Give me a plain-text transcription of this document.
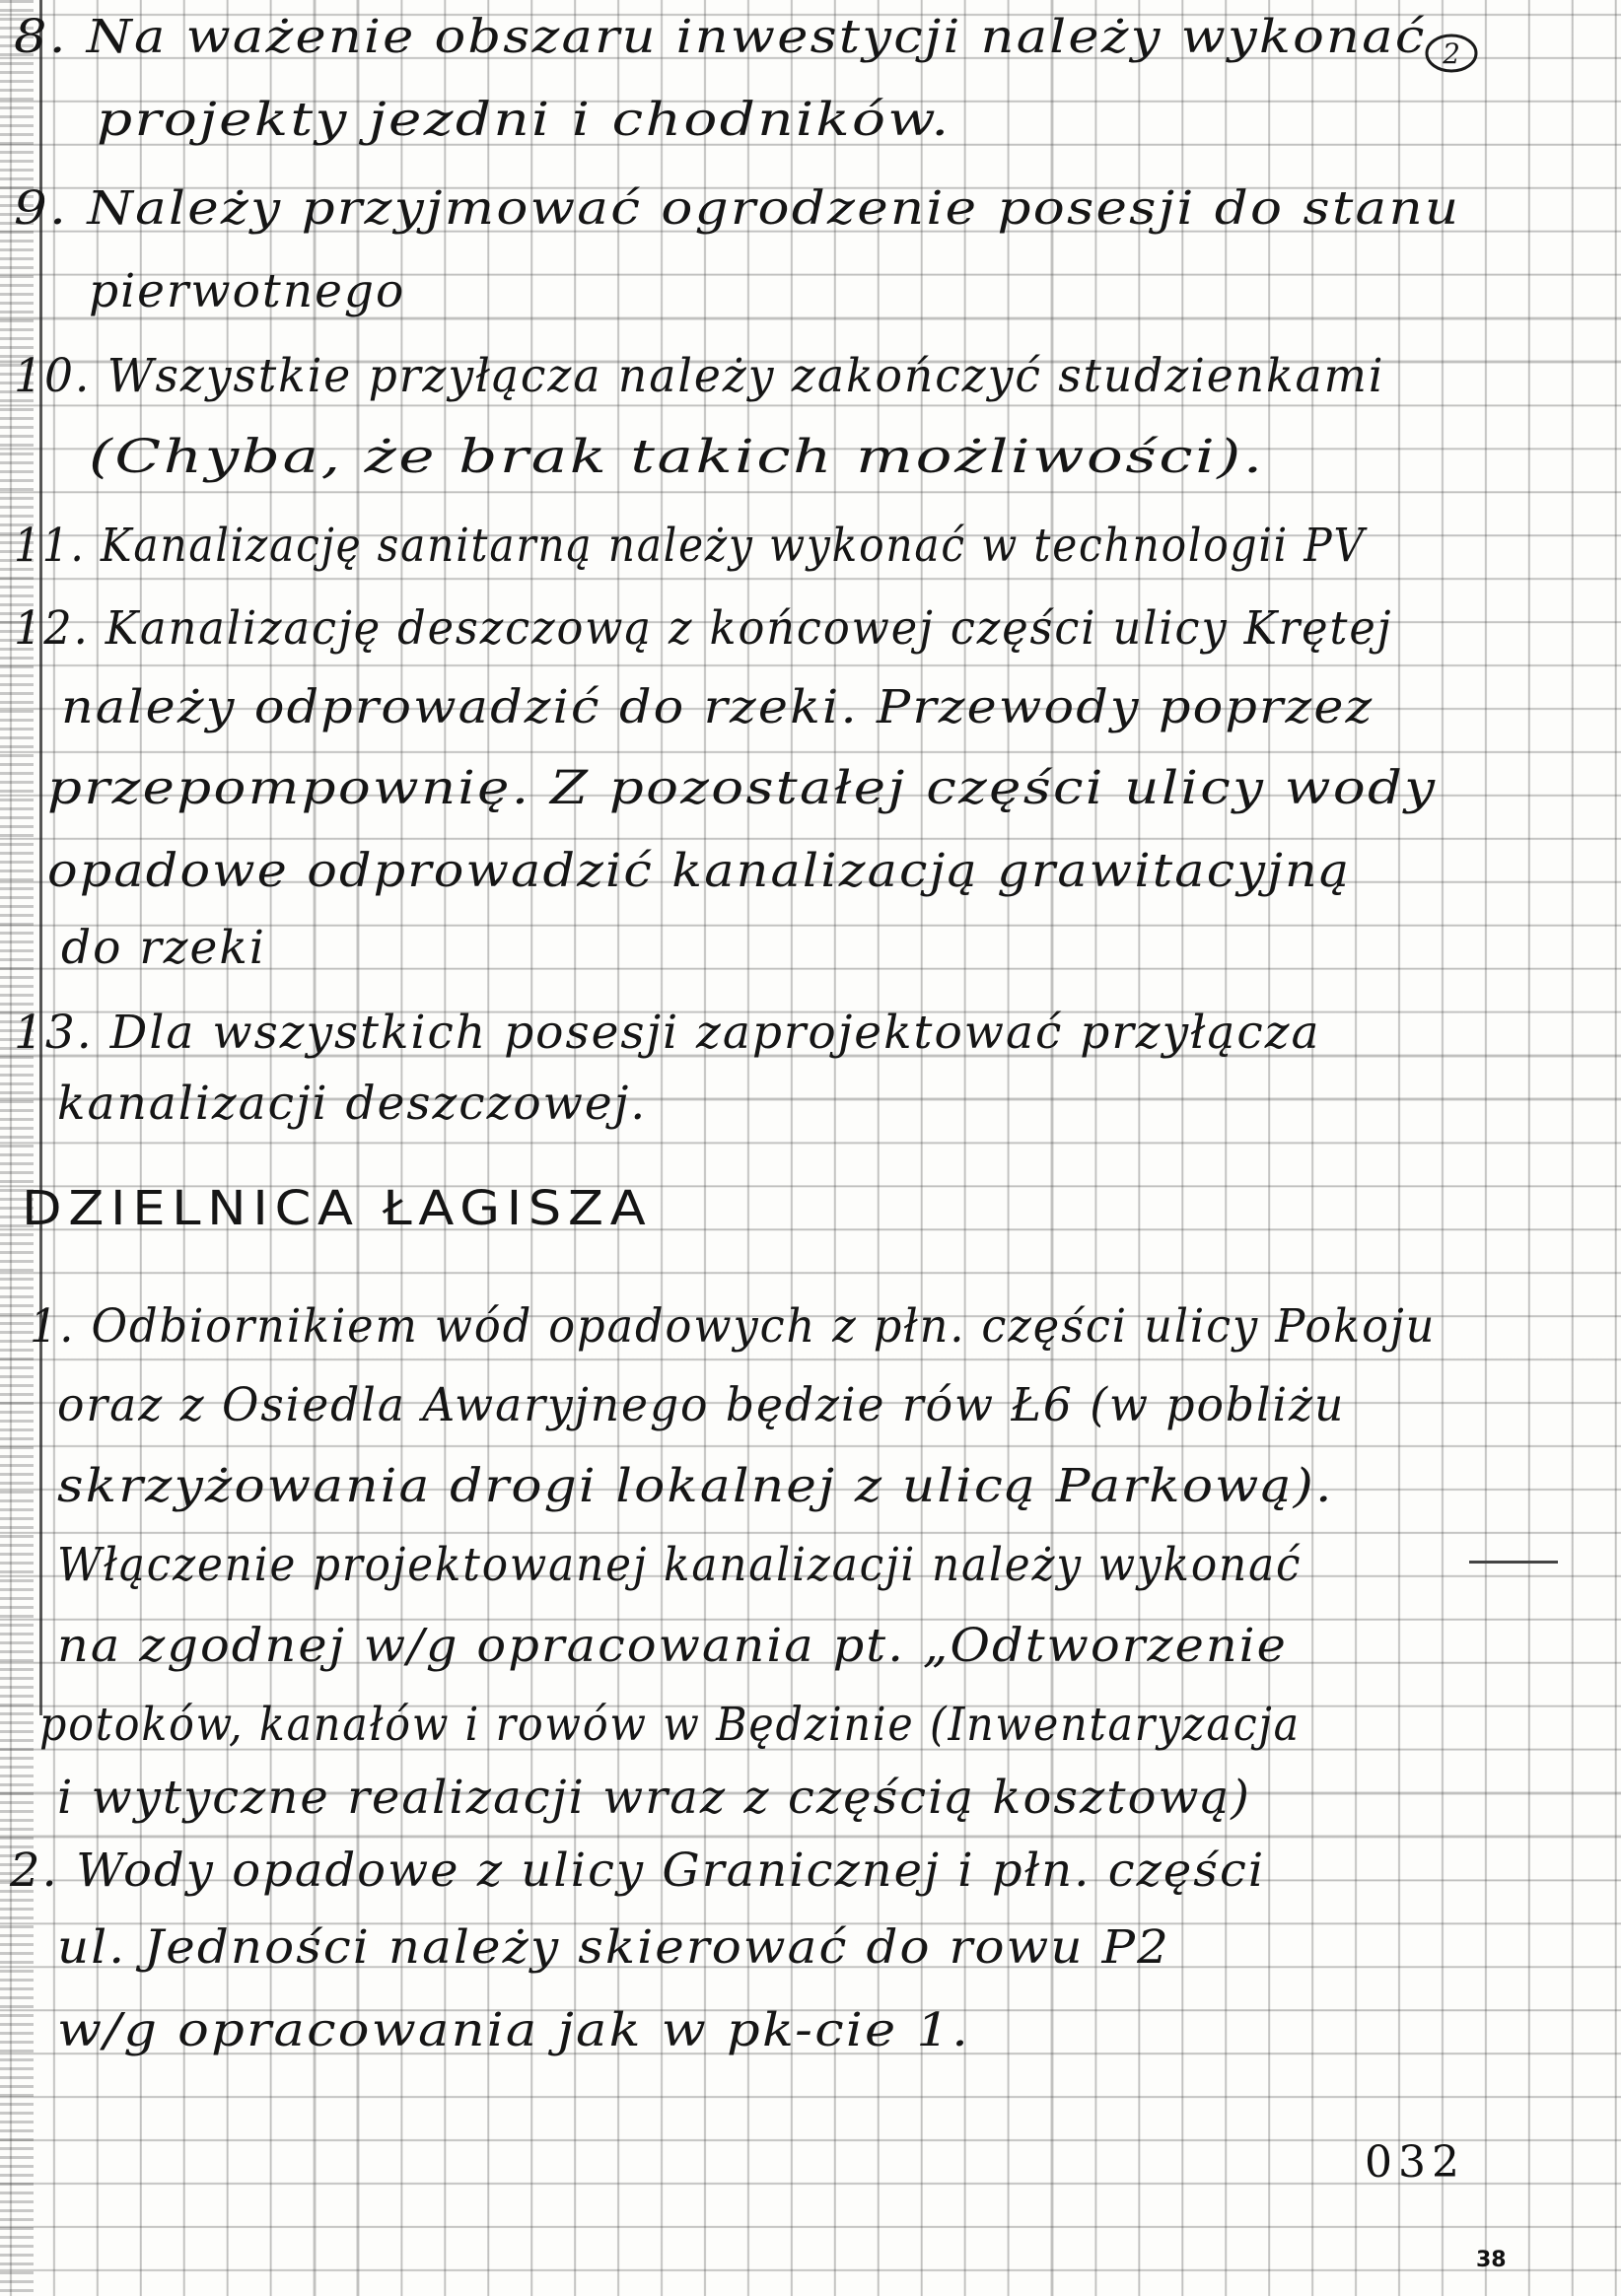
2

8. Na ważenie obszaru inwestycji należy wykonać

projekty jezdni i chodników.

9. Należy przyjmować ogrodzenie posesji do stanu

pierwotnego

10. Wszystkie przyłącza należy zakończyć studzienkami

(Chyba, że brak takich możliwości).

11. Kanalizację sanitarną należy wykonać w technologii PV

12. Kanalizację deszczową z końcowej części ulicy Krętej

należy odprowadzić do rzeki. Przewody poprzez

przepompownię. Z pozostałej części ulicy wody

opadowe odprowadzić kanalizacją grawitacyjną

do rzeki

13. Dla wszystkich posesji zaprojektować przyłącza

kanalizacji deszczowej.

DZIELNICA ŁAGISZA

1. Odbiornikiem wód opadowych z płn. części ulicy Pokoju

oraz z Osiedla Awaryjnego będzie rów Ł6 (w pobliżu

skrzyżowania drogi lokalnej z ulicą Parkową).

Włączenie projektowanej kanalizacji należy wykonać

na zgodnej w/g opracowania pt. „Odtworzenie

potoków, kanałów i rowów w Będzinie (Inwentaryzacja

i wytyczne realizacji wraz z częścią kosztową)

2. Wody opadowe z ulicy Granicznej i płn. części

ul. Jedności należy skierować do rowu P2

w/g opracowania jak w pk-cie 1.

032
38
